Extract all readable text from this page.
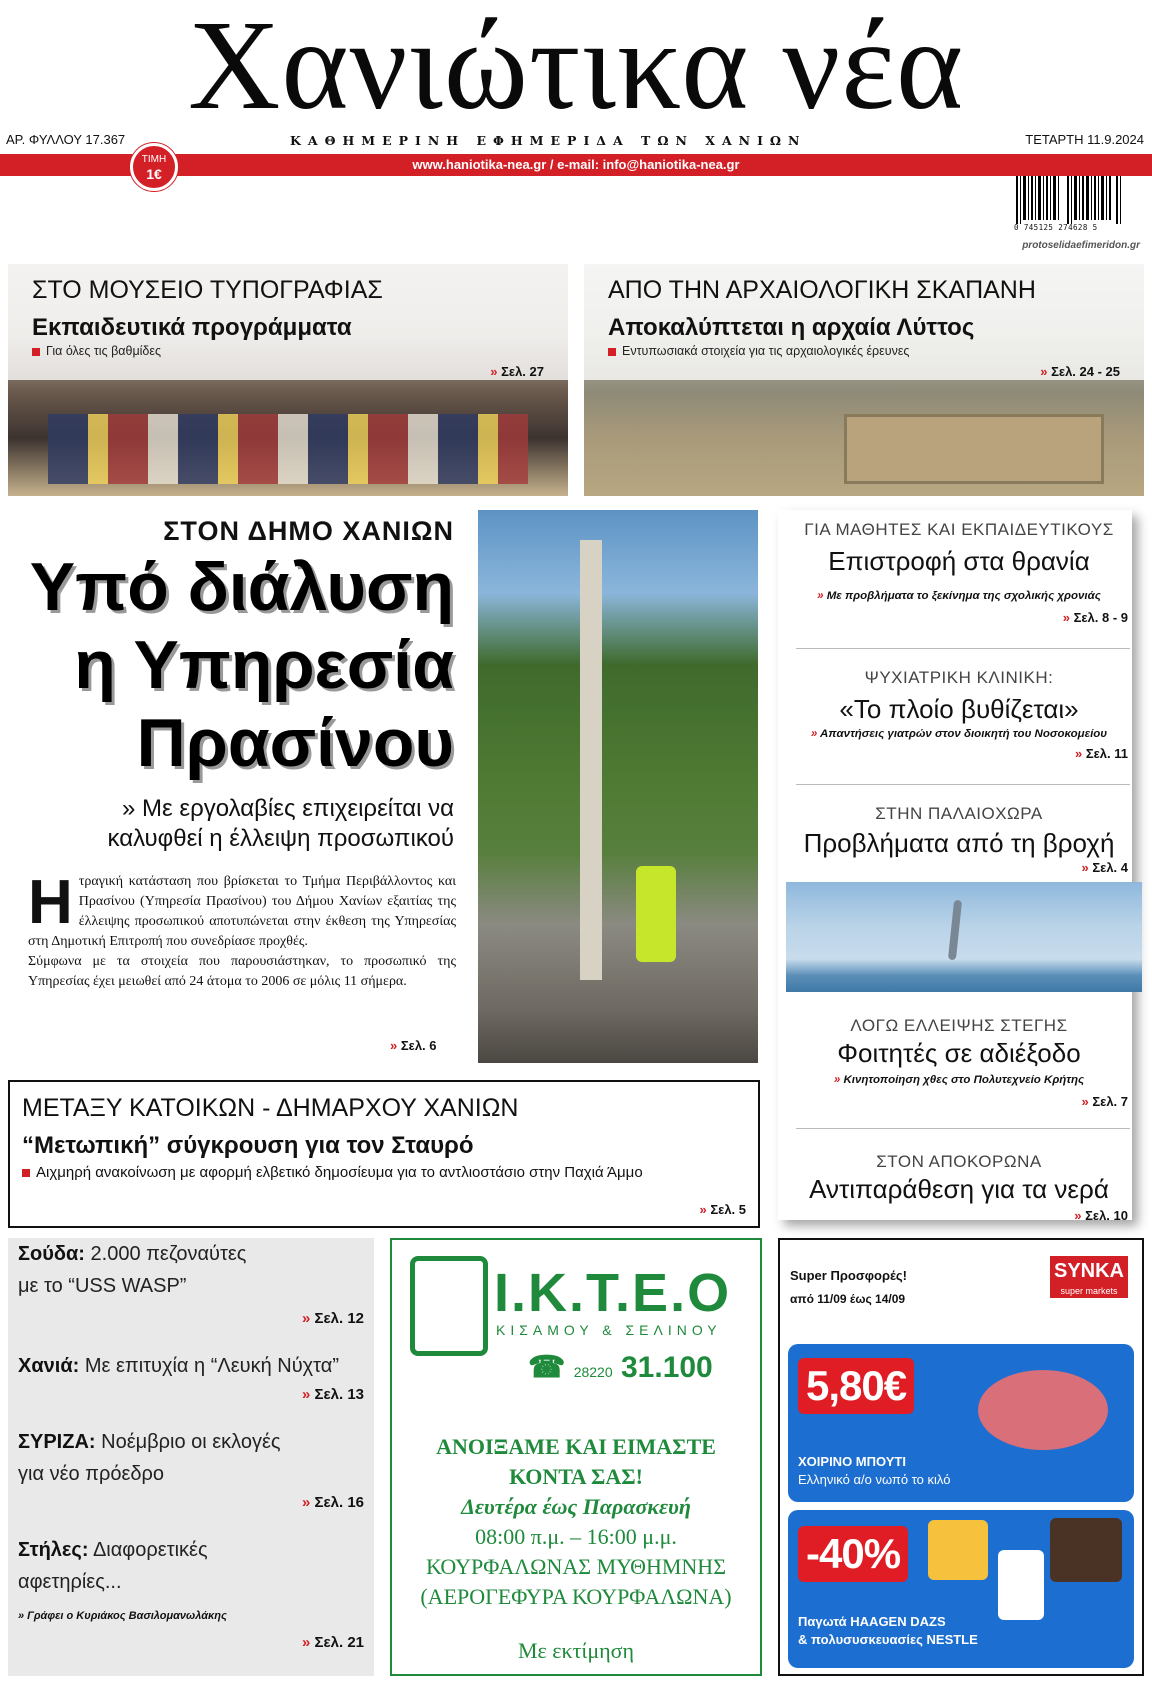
Χανιώτικα νέα
ΑΡ. ΦΥΛΛΟΥ 17.367	ΚΑΘΗΜΕΡΙΝΗ ΕΦΗΜΕΡΙΔΑ ΤΩΝ ΧΑΝΙΩΝ	ΤΕΤΑΡΤΗ 11.9.2024
www.haniotika-nea.gr / e-mail: info@haniotika-nea.gr
ΤΙΜΗ
1€
0 745125 274628 5
protoselidaefimeridon.gr
ΣΤΟ ΜΟΥΣΕΙΟ ΤΥΠΟΓΡΑΦΙΑΣ
Εκπαιδευτικά προγράμματα
Για όλες τις βαθμίδες
» Σελ. 27
ΑΠΟ ΤΗΝ ΑΡΧΑΙΟΛΟΓΙΚΗ ΣΚΑΠΑΝΗ
Αποκαλύπτεται η αρχαία Λύττος
Εντυπωσιακά στοιχεία για τις αρχαιολογικές έρευνες
» Σελ. 24 - 25
ΣΤΟΝ ΔΗΜΟ ΧΑΝΙΩΝ
Υπό διάλυση
η Υπηρεσία
Πρασίνου
» Με εργολαβίες επιχειρείται να καλυφθεί η έλλειψη προσωπικού
Η τραγική κατάσταση που βρίσκεται το Τμήμα Περιβάλλοντος και Πρασίνου (Υπηρεσία Πρασίνου) του Δήμου Χανίων εξαιτίας της έλλειψης προσωπικού αποτυπώνεται στην έκθεση της Υπηρεσίας στη Δημοτική Επιτροπή που συνεδρίασε προχθές.
Σύμφωνα με τα στοιχεία που παρουσιάστηκαν, το προσωπικό της Υπηρεσίας έχει μειωθεί από 24 άτομα το 2006 σε μόλις 11 σήμερα.
» Σελ. 6
ΓΙΑ ΜΑΘΗΤΕΣ ΚΑΙ ΕΚΠΑΙΔΕΥΤΙΚΟΥΣ
Επιστροφή στα θρανία
» Με προβλήματα το ξεκίνημα της σχολικής χρονιάς
» Σελ. 8 - 9
ΨΥΧΙΑΤΡΙΚΗ ΚΛΙΝΙΚΗ:
«Το πλοίο βυθίζεται»
» Απαντήσεις γιατρών στον διοικητή του Νοσοκομείου
» Σελ. 11
ΣΤΗΝ ΠΑΛΑΙΟΧΩΡΑ
Προβλήματα από τη βροχή
» Σελ. 4
ΛΟΓΩ ΕΛΛΕΙΨΗΣ ΣΤΕΓΗΣ
Φοιτητές σε αδιέξοδο
» Κινητοποίηση χθες στο Πολυτεχνείο Κρήτης
» Σελ. 7
ΣΤΟΝ ΑΠΟΚΟΡΩΝΑ
Αντιπαράθεση για τα νερά
» Σελ. 10
ΜΕΤΑΞΥ ΚΑΤΟΙΚΩΝ - ΔΗΜΑΡΧΟΥ ΧΑΝΙΩΝ
“Μετωπική” σύγκρουση για τον Σταυρό
Αιχμηρή ανακοίνωση με αφορμή ελβετικό δημοσίευμα για το αντλιοστάσιο στην Παχιά Άμμο
» Σελ. 5
Σούδα: 2.000 πεζοναύτες
με το “USS WASP”
» Σελ. 12
Χανιά: Με επιτυχία η “Λευκή Νύχτα”
» Σελ. 13
ΣΥΡΙΖΑ: Νοέμβριο οι εκλογές
για νέο πρόεδρο
» Σελ. 16
Στήλες: Διαφορετικές
αφετηρίες...
» Γράφει ο Κυριάκος Βασιλομανωλάκης
» Σελ. 21
Ι.Κ.Τ.Ε.Ο
ΚΙΣΑΜΟΥ & ΣΕΛΙΝΟΥ
☎ 28220 31.100
ΑΝΟΙΞΑΜΕ ΚΑΙ ΕΙΜΑΣΤΕ
ΚΟΝΤΑ ΣΑΣ!
Δευτέρα έως Παρασκευή
08:00 π.μ. – 16:00 μ.μ.
ΚΟΥΡΦΑΛΩΝΑΣ ΜΥΘΗΜΝΗΣ
(ΑΕΡΟΓΕΦΥΡΑ ΚΟΥΡΦΑΛΩΝΑ)
Με εκτίμηση
Super Προσφορές!
από 11/09 έως 14/09
SYNKA
super markets
5,80€
ΧΟΙΡΙΝΟ ΜΠΟΥΤΙ
Ελληνικό α/ο νωπό το κιλό
-40%
Παγωτά HAAGEN DAZS
& πολυσυσκευασίες NESTLE
